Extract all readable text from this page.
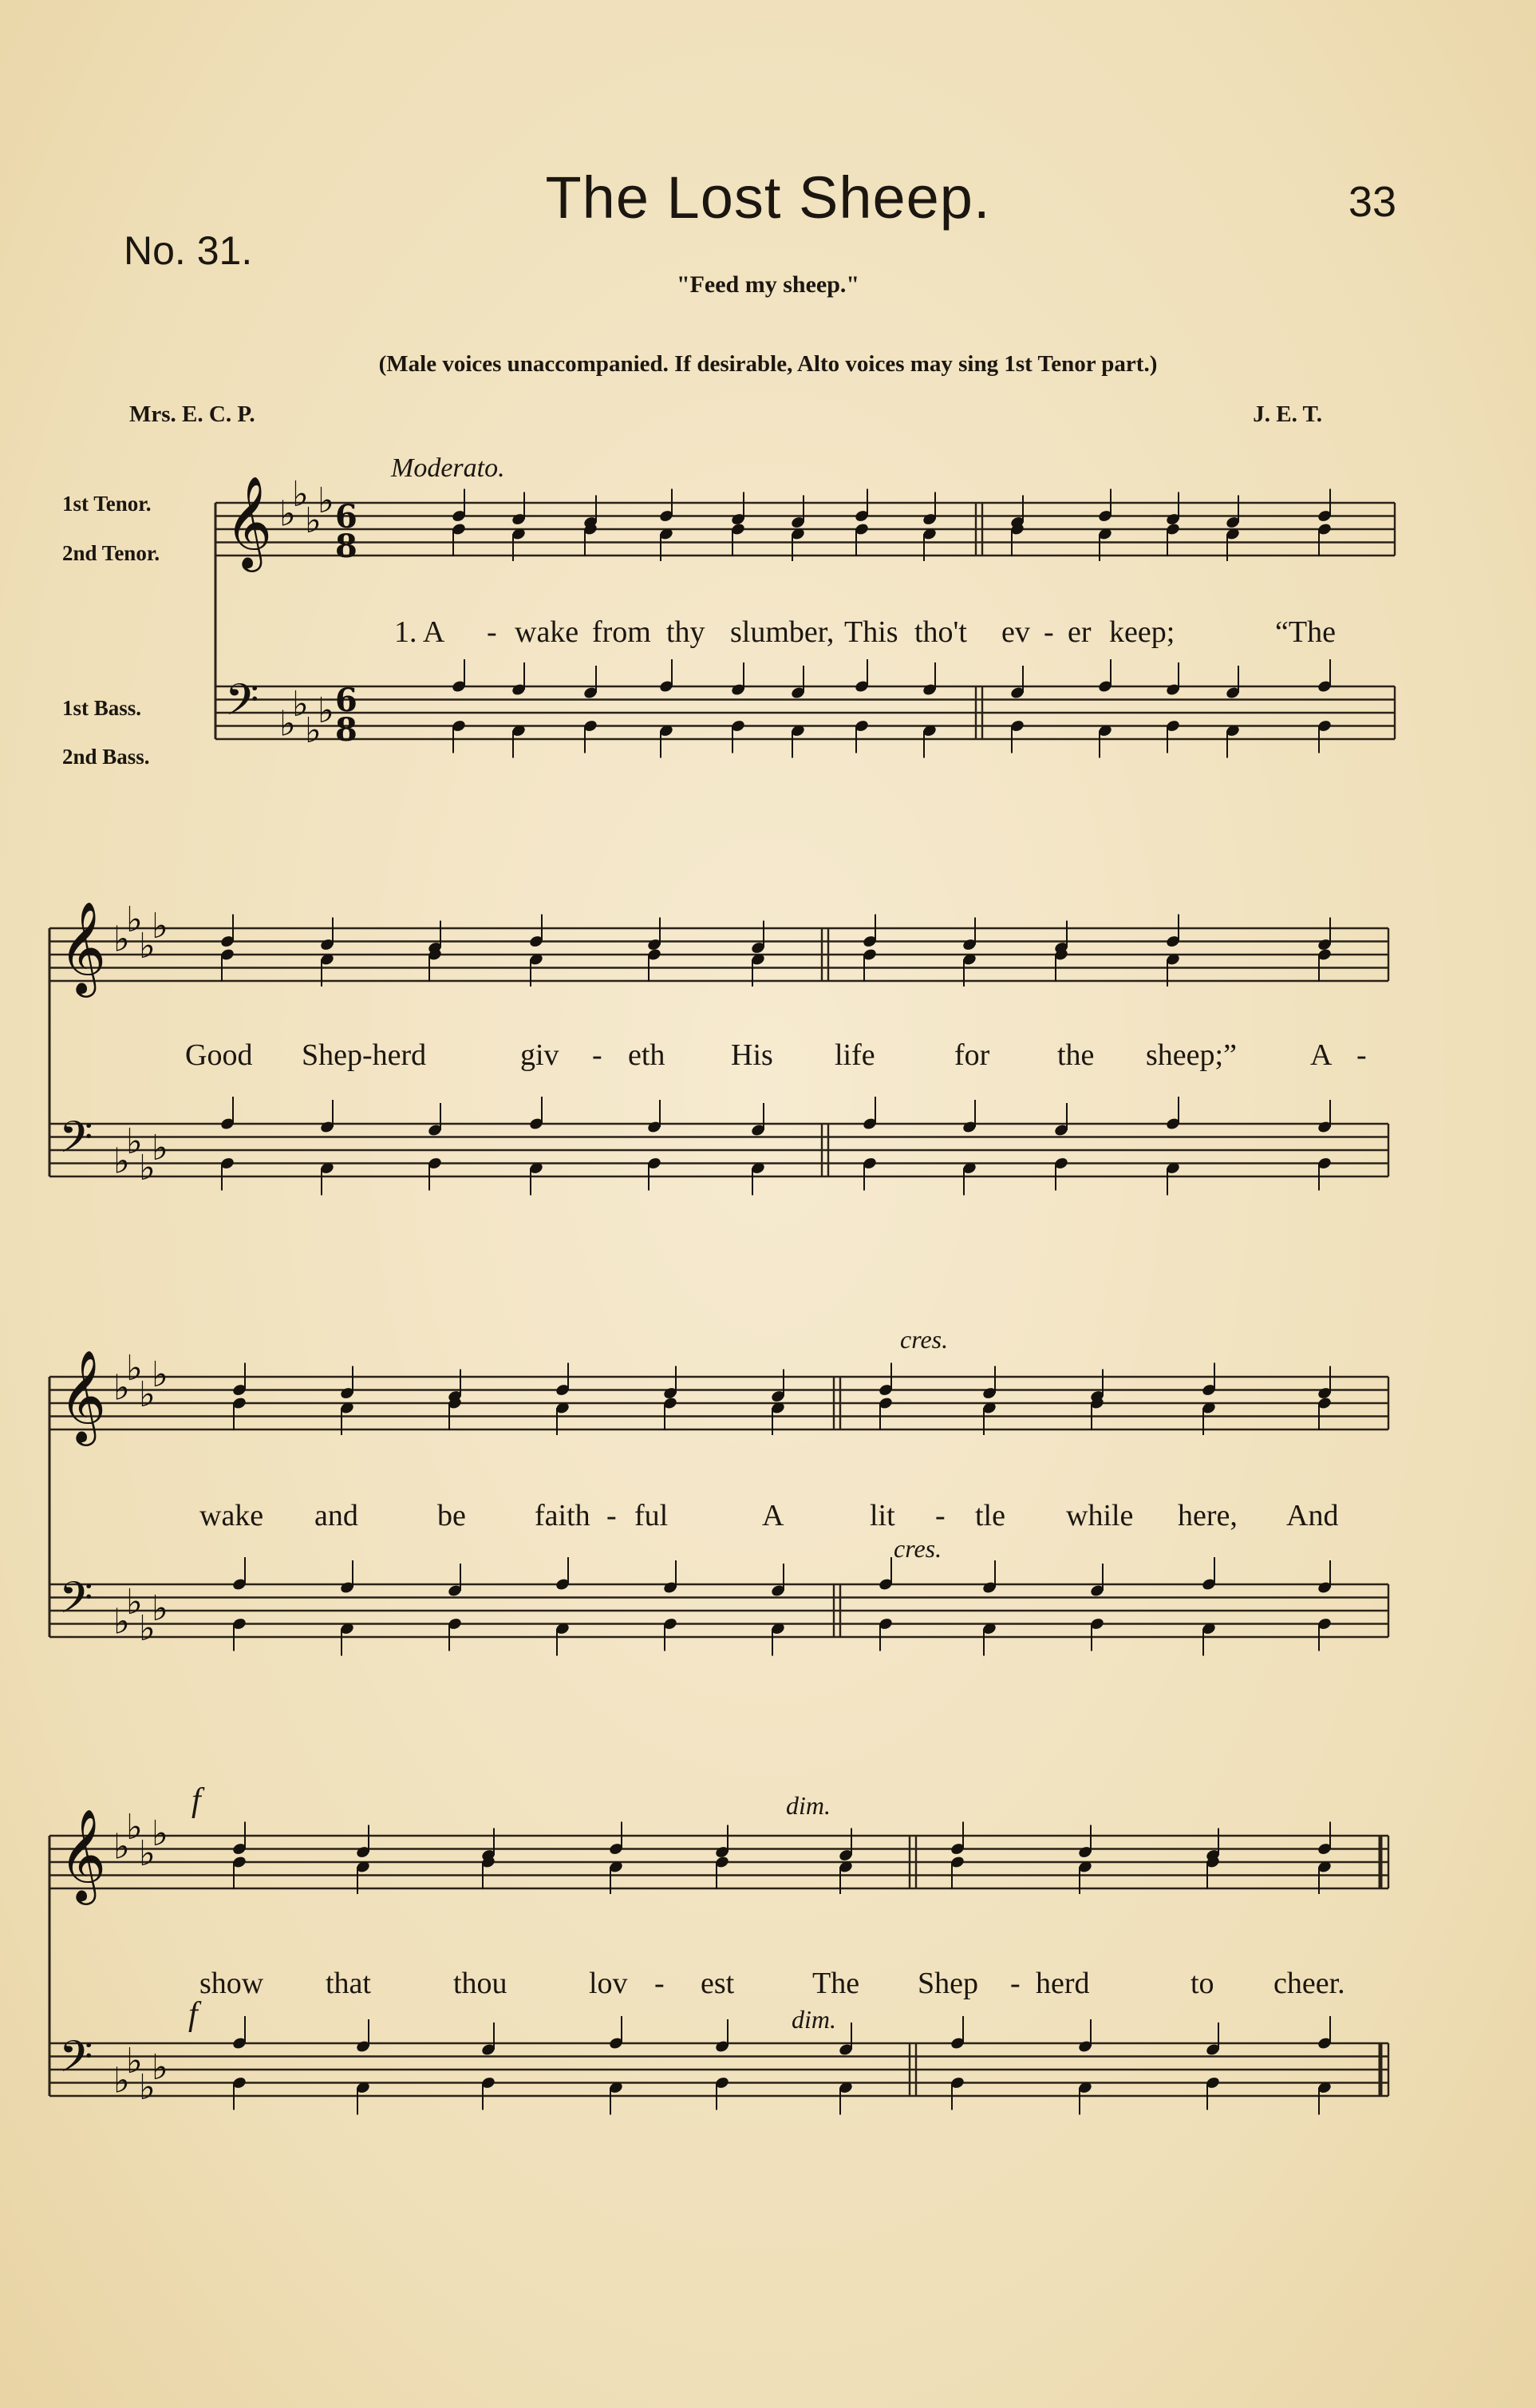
The Lost Sheep.	33
No. 31.
"Feed my sheep."
(Male voices unaccompanied. If desirable, Alto voices may sing 1st Tenor part.)
Mrs. E. C. P.	J. E. T.
Moderato.
1st Tenor.
2nd Tenor.
1st Bass.
2nd Bass.
𝄞 ♭
♭
♭
♭ 6
8
𝄢 ♭
♭
♭
♭ 6
8
𝄞 ♭
♭
♭
♭
𝄢 ♭
♭
♭
♭
𝄞 ♭
♭
♭
♭
𝄢 ♭
♭
♭
♭
𝄞 ♭
♭
♭
♭
𝄢 ♭
♭
♭
♭
1. A - wake from thy slumber, This tho't ev - er keep;	“The
Good Shep-herd	giv - eth His life	for the sheep;” A -
wake and	be faith - ful	A	lit - tle while here, And
show that	thou	lov - est	The Shep - herd	to cheer.
cres.
cres.
f
f
dim.
dim.
